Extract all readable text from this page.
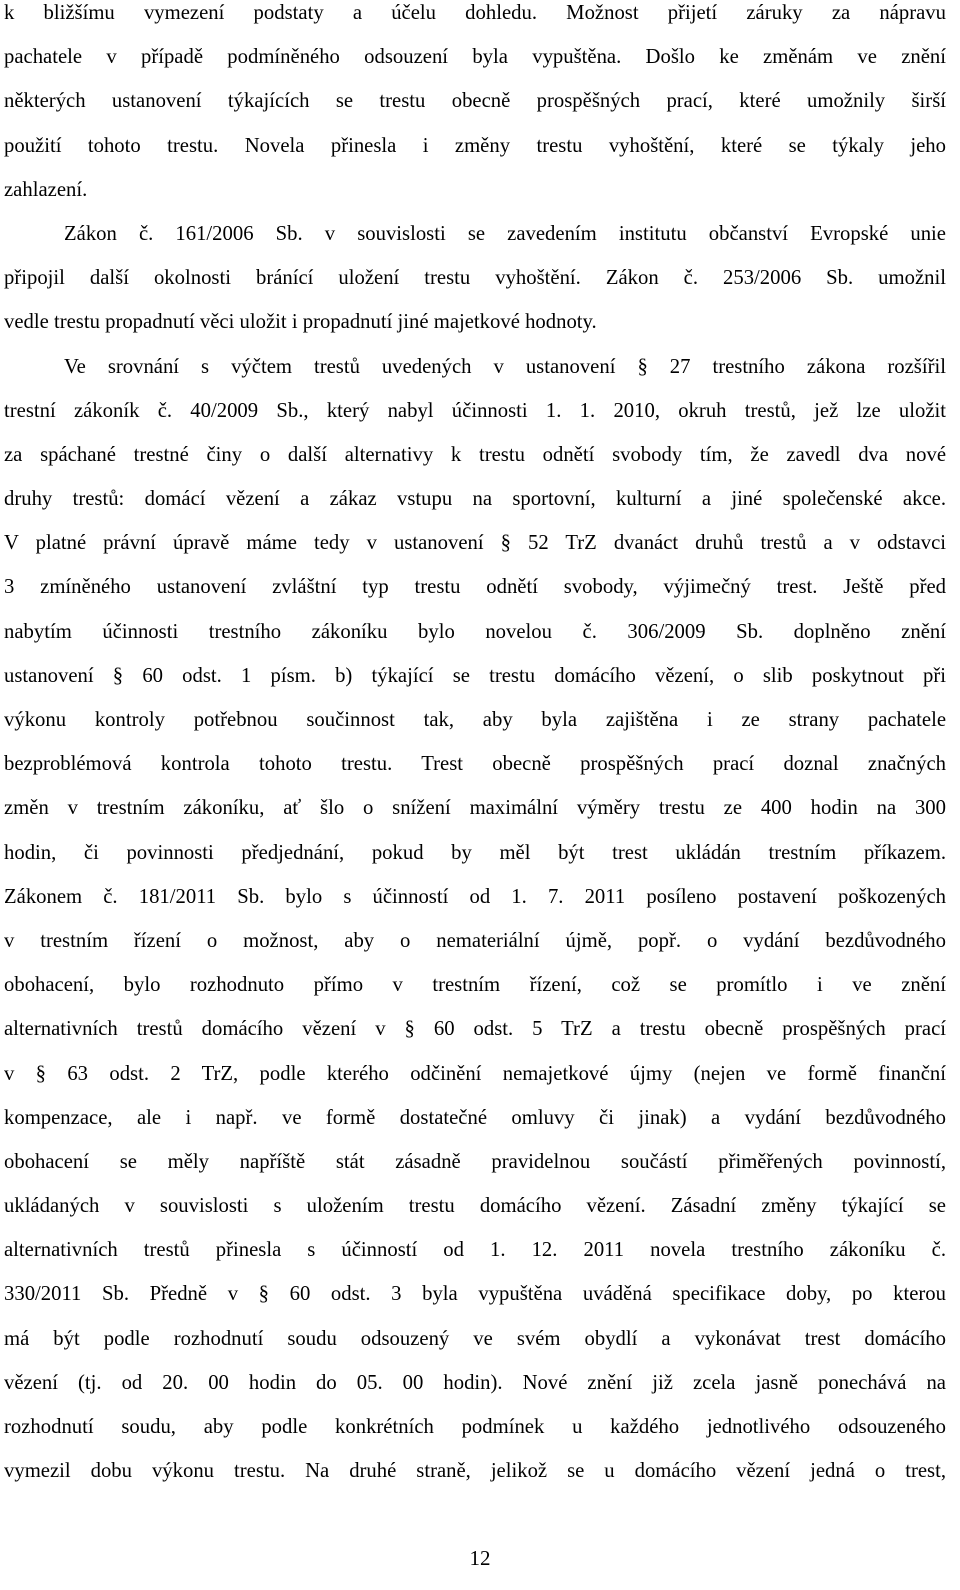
k bližšímu vymezení podstaty a účelu dohledu. Možnost přijetí záruky za nápravu
pachatele v případě podmíněného odsouzení byla vypuštěna. Došlo ke změnám ve znění
některých ustanovení týkajících se trestu obecně prospěšných prací, které umožnily širší
použití tohoto trestu. Novela přinesla i změny trestu vyhoštění, které se týkaly jeho
zahlazení.
Zákon č. 161/2006 Sb. v souvislosti se zavedením institutu občanství Evropské unie
připojil další okolnosti bránící uložení trestu vyhoštění. Zákon č. 253/2006 Sb. umožnil
vedle trestu propadnutí věci uložit i propadnutí jiné majetkové hodnoty.
Ve srovnání s výčtem trestů uvedených v ustanovení § 27 trestního zákona rozšířil
trestní zákoník č. 40/2009 Sb., který nabyl účinnosti 1. 1. 2010, okruh trestů, jež lze uložit
za spáchané trestné činy o další alternativy k trestu odnětí svobody tím, že zavedl dva nové
druhy trestů: domácí vězení a zákaz vstupu na sportovní, kulturní a jiné společenské akce.
V platné právní úpravě máme tedy v ustanovení § 52 TrZ dvanáct druhů trestů a v odstavci
3 zmíněného ustanovení zvláštní typ trestu odnětí svobody, výjimečný trest. Ještě před
nabytím účinnosti trestního zákoníku bylo novelou č. 306/2009 Sb. doplněno znění
ustanovení § 60 odst. 1 písm. b) týkající se trestu domácího vězení, o slib poskytnout při
výkonu kontroly potřebnou součinnost tak, aby byla zajištěna i ze strany pachatele
bezproblémová kontrola tohoto trestu. Trest obecně prospěšných prací doznal značných
změn v trestním zákoníku, ať šlo o snížení maximální výměry trestu ze 400 hodin na 300
hodin, či povinnosti předjednání, pokud by měl být trest ukládán trestním příkazem.
Zákonem č. 181/2011 Sb. bylo s účinností od 1. 7. 2011 posíleno postavení poškozených
v trestním řízení o možnost, aby o nemateriální újmě, popř. o vydání bezdůvodného
obohacení, bylo rozhodnuto přímo v trestním řízení, což se promítlo i ve znění
alternativních trestů domácího vězení v § 60 odst. 5 TrZ a trestu obecně prospěšných prací
v § 63 odst. 2 TrZ, podle kterého odčinění nemajetkové újmy (nejen ve formě finanční
kompenzace, ale i např. ve formě dostatečné omluvy či jinak) a vydání bezdůvodného
obohacení se měly napříště stát zásadně pravidelnou součástí přiměřených povinností,
ukládaných v souvislosti s uložením trestu domácího vězení. Zásadní změny týkající se
alternativních trestů přinesla s účinností od 1. 12. 2011 novela trestního zákoníku č.
330/2011 Sb. Předně v § 60 odst. 3 byla vypuštěna uváděná specifikace doby, po kterou
má být podle rozhodnutí soudu odsouzený ve svém obydlí a vykonávat trest domácího
vězení (tj. od 20. 00 hodin do 05. 00 hodin). Nové znění již zcela jasně ponechává na
rozhodnutí soudu, aby podle konkrétních podmínek u každého jednotlivého odsouzeného
vymezil dobu výkonu trestu. Na druhé straně, jelikož se u domácího vězení jedná o trest,
12
